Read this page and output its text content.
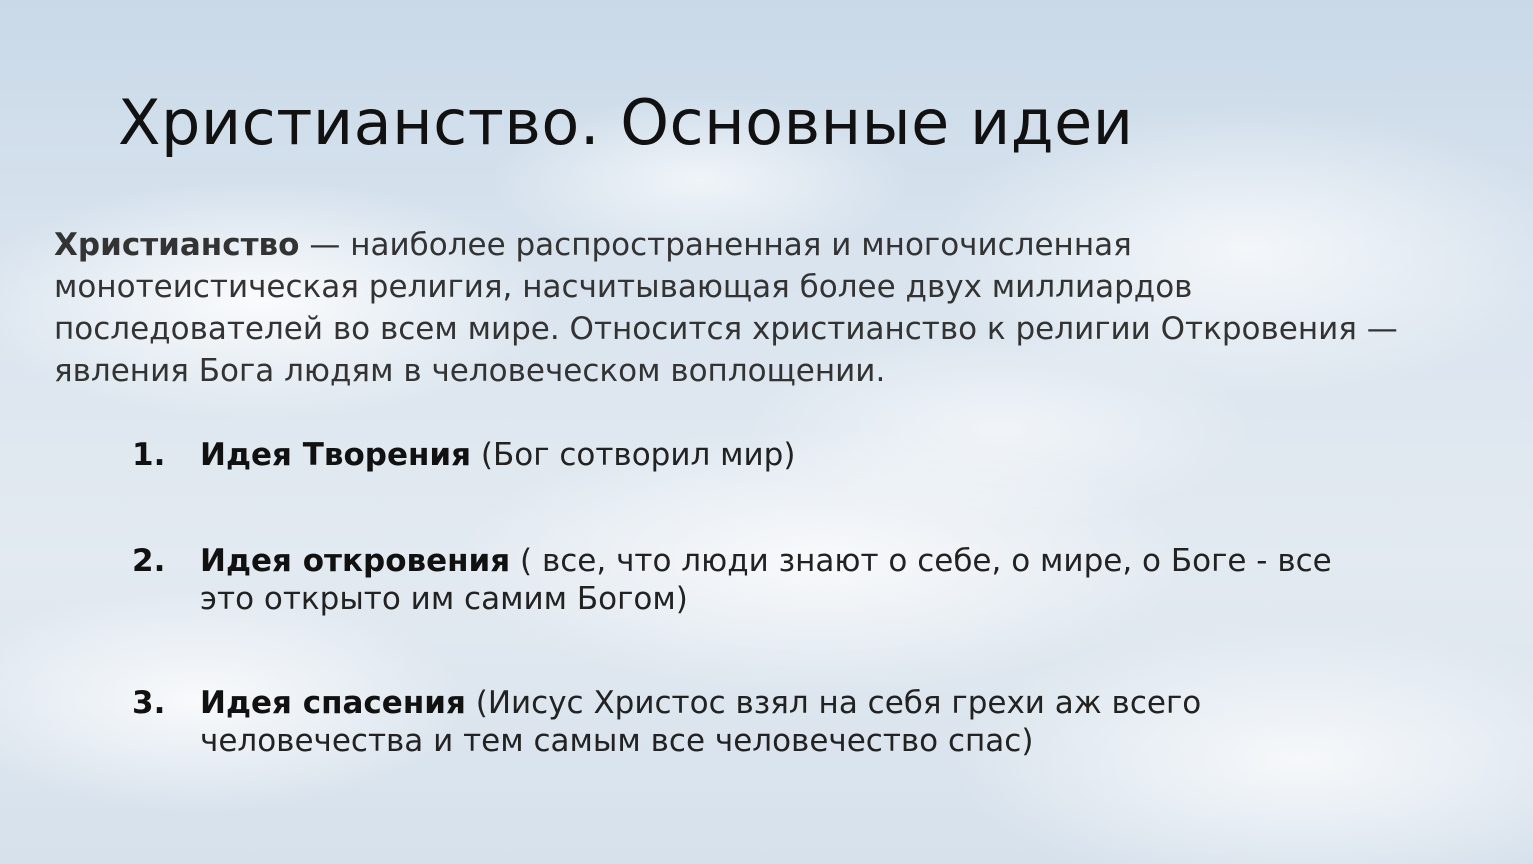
Христианство. Основные идеи

Христианство — наиболее распространенная и многочисленная монотеистическая религия, насчитывающая более двух миллиардов последователей во всем мире. Относится христианство к религии Откровения — явления Бога людям в человеческом воплощении.

1. Идея Творения (Бог сотворил мир)
2. Идея откровения ( все, что люди знают о себе, о мире, о Боге - все это открыто им самим Богом)
3. Идея спасения (Иисус Христос взял на себя грехи аж всего человечества и тем самым все человечество спас)
